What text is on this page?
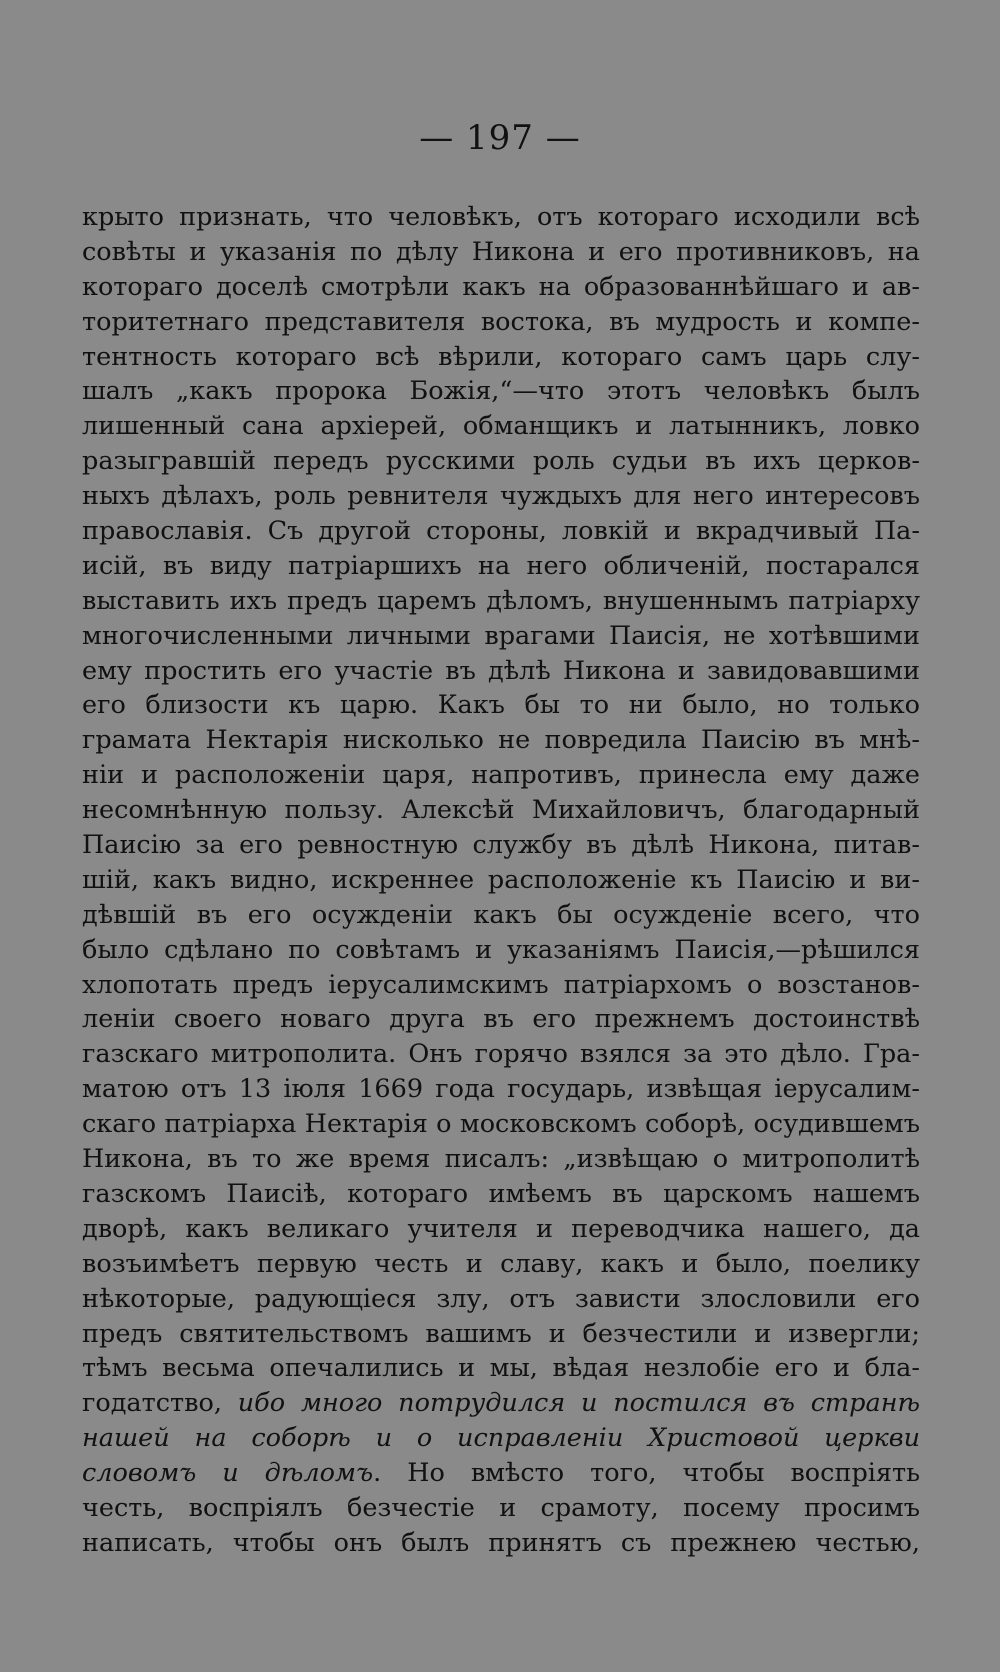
— 197 —
крыто признать, что человѣкъ, отъ котораго исходили всѣ
совѣты и указанія по дѣлу Никона и его противниковъ, на
котораго доселѣ смотрѣли какъ на образованнѣйшаго и ав-
торитетнаго представителя востока, въ мудрость и компе-
тентность котораго всѣ вѣрили, котораго самъ царь слу-
шалъ „какъ пророка Божія,“—что этотъ человѣкъ былъ
лишенный сана архіерей, обманщикъ и латынникъ, ловко
разыгравшій передъ русскими роль судьи въ ихъ церков-
ныхъ дѣлахъ, роль ревнителя чуждыхъ для него интересовъ
православія. Съ другой стороны, ловкій и вкрадчивый Па-
исій, въ виду патріаршихъ на него обличеній, постарался
выставить ихъ предъ царемъ дѣломъ, внушеннымъ патріарху
многочисленными личными врагами Паисія, не хотѣвшими
ему простить его участіе въ дѣлѣ Никона и завидовавшими
его близости къ царю. Какъ бы то ни было, но только
грамата Нектарія нисколько не повредила Паисію въ мнѣ-
ніи и расположеніи царя, напротивъ, принесла ему даже
несомнѣнную пользу. Алексѣй Михайловичъ, благодарный
Паисію за его ревностную службу въ дѣлѣ Никона, питав-
шій, какъ видно, искреннее расположеніе къ Паисію и ви-
дѣвшій въ его осужденіи какъ бы осужденіе всего, что
было сдѣлано по совѣтамъ и указаніямъ Паисія,—рѣшился
хлопотать предъ іерусалимскимъ патріархомъ о возстанов-
леніи своего новаго друга въ его прежнемъ достоинствѣ
газскаго митрополита. Онъ горячо взялся за это дѣло. Гра-
матою отъ 13 іюля 1669 года государь, извѣщая іерусалим-
скаго патріарха Нектарія о московскомъ соборѣ, осудившемъ
Никона, въ то же время писалъ: „извѣщаю о митрополитѣ
газскомъ Паисіѣ, котораго имѣемъ въ царскомъ нашемъ
дворѣ, какъ великаго учителя и переводчика нашего, да
возъимѣетъ первую честь и славу, какъ и было, поелику
нѣкоторые, радующіеся злу, отъ зависти злословили его
предъ святительствомъ вашимъ и безчестили и извергли;
тѣмъ весьма опечалились и мы, вѣдая незлобіе его и бла-
годатство, ибо много потрудился и постился въ странѣ
нашей на соборѣ и о исправленіи Христовой церкви
словомъ и дѣломъ. Но вмѣсто того, чтобы воспріять
честь, воспріялъ безчестіе и срамоту, посему просимъ
написать, чтобы онъ былъ принятъ съ прежнею честью,
